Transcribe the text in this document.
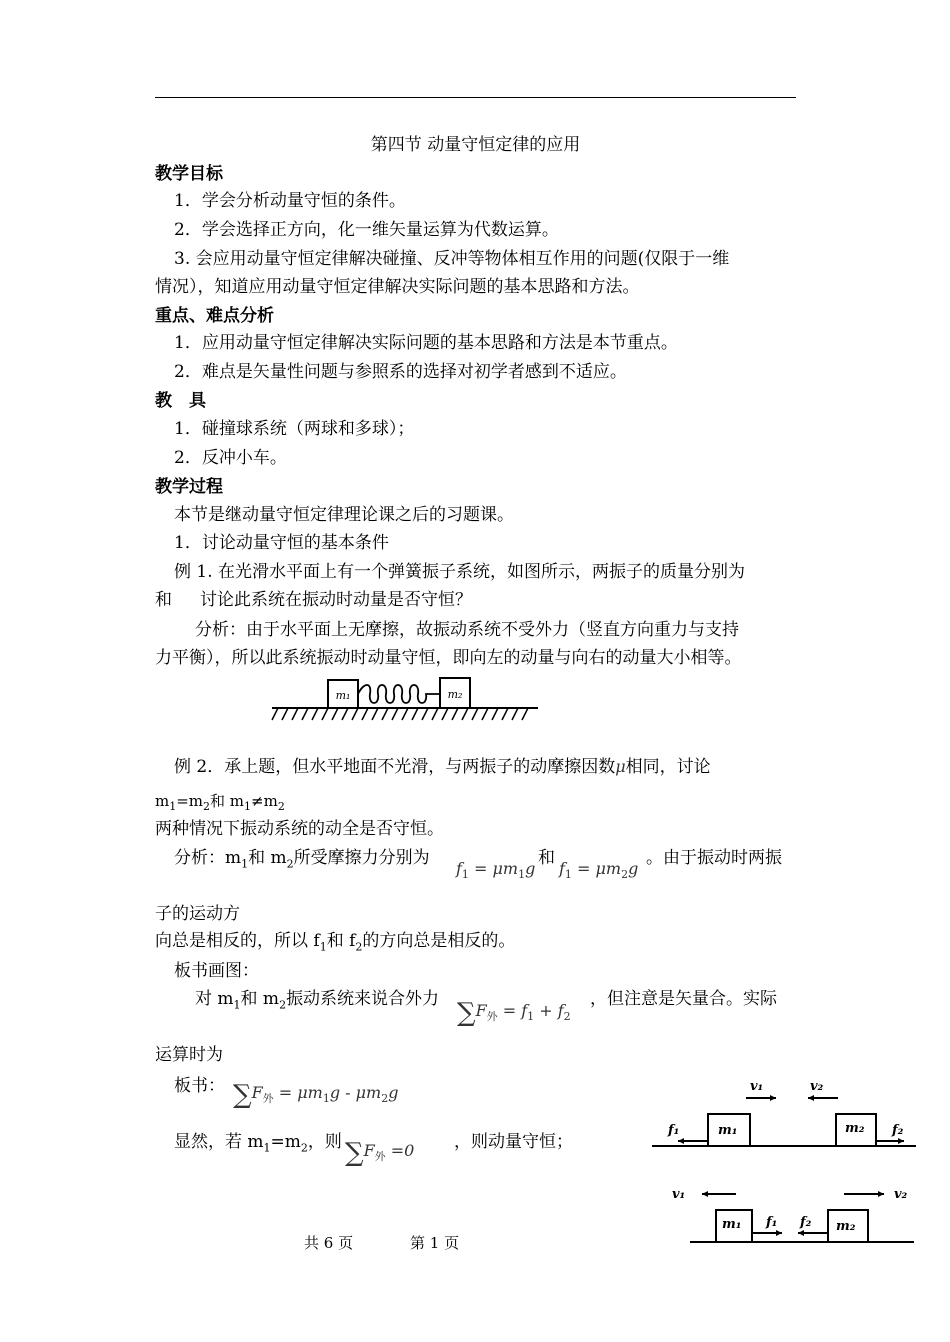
第四节 动量守恒定律的应用
教学目标
1．学会分析动量守恒的条件。
2．学会选择正方向，化一维矢量运算为代数运算。
3. 会应用动量守恒定律解决碰撞、反冲等物体相互作用的问题(仅限于一维
情况），知道应用动量守恒定律解决实际问题的基本思路和方法。
重点、难点分析
1．应用动量守恒定律解决实际问题的基本思路和方法是本节重点。
2．难点是矢量性问题与参照系的选择对初学者感到不适应。
教　具
1．碰撞球系统（两球和多球）；
2．反冲小车。
教学过程
本节是继动量守恒定律理论课之后的习题课。
1．讨论动量守恒的基本条件
例 1. 在光滑水平面上有一个弹簧振子系统，如图所示，两振子的质量分别为
和 讨论此系统在振动时动量是否守恒？
分析：由于水平面上无摩擦，故振动系统不受外力（竖直方向重力与支持
力平衡），所以此系统振动时动量守恒，即向左的动量与向右的动量大小相等。
m₁	m₂
例 2．承上题，但水平地面不光滑，与两振子的动摩擦因数μ相同，讨论
$m_1=m_2$和 $m_1\ne m_2$
两种情况下振动系统的动全是否守恒。
分析：$m_1$和 $m_2$所受摩擦力分别为
$f_1 = \mu m_1g$
和
$f_1 = \mu m_2g$
。由于振动时两振
子的运动方
向总是相反的，所以 $f_1$和 $f_2$的方向总是相反的。
板书画图：
对 $m_1$和 $m_2$振动系统来说合外力 $\sum F_外 = f_1 + f_2$
，但注意是矢量合。实际
运算时为
板书： $\sum F_外 = \mu m_1g - \mu m_2g$
显然，若 $m_1=m_2$，则 $\sum F_外 =0$ ，则动量守恒；
v₁	v₂
f₁	m₁	m₂ f₂
v₁	v₂
m₁ f₁ f₂ m₂
共 6 页	第 1 页
